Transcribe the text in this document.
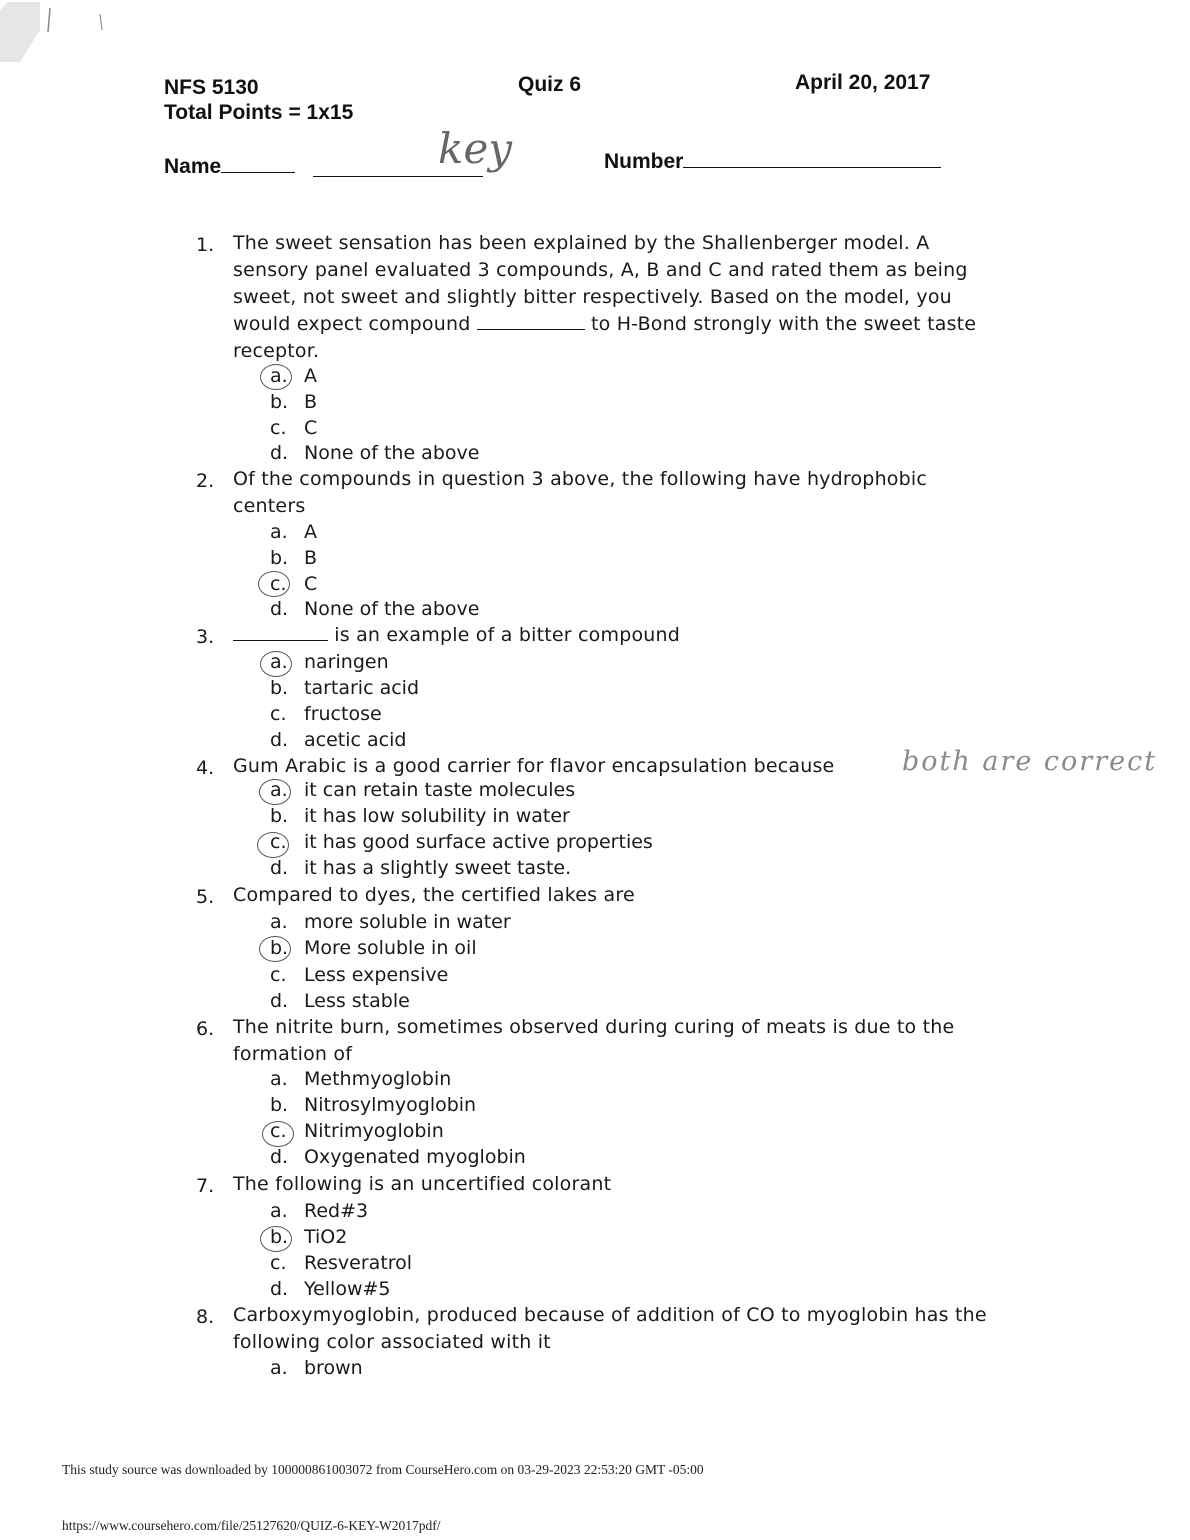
NFS 5130	Quiz 6	April 20, 2017
Total Points = 1x15
Name	key	Number
1. The sweet sensation has been explained by the Shallenberger model. A sensory panel evaluated 3 compounds, A, B and C and rated them as being sweet, not sweet and slightly bitter respectively. Based on the model, you would expect compound	to H-Bond strongly with the sweet taste receptor.
a. A
b. B
c. C
d. None of the above
2. Of the compounds in question 3 above, the following have hydrophobic centers
a. A
b. B
c. C
d. None of the above
3.	is an example of a bitter compound
a. naringen
b. tartaric acid
c. fructose
d. acetic acid
4. Gum Arabic is a good carrier for flavor encapsulation because	both are correct
a. it can retain taste molecules
b. it has low solubility in water
c. it has good surface active properties
d. it has a slightly sweet taste.
5. Compared to dyes, the certified lakes are
a. more soluble in water
b. More soluble in oil
c. Less expensive
d. Less stable
6. The nitrite burn, sometimes observed during curing of meats is due to the formation of
a. Methmyoglobin
b. Nitrosylmyoglobin
c. Nitrimyoglobin
d. Oxygenated myoglobin
7. The following is an uncertified colorant
a. Red#3
b. TiO2
c. Resveratrol
d. Yellow#5
8. Carboxymyoglobin, produced because of addition of CO to myoglobin has the following color associated with it
a. brown
This study source was downloaded by 100000861003072 from CourseHero.com on 03-29-2023 22:53:20 GMT -05:00
https://www.coursehero.com/file/25127620/QUIZ-6-KEY-W2017pdf/
